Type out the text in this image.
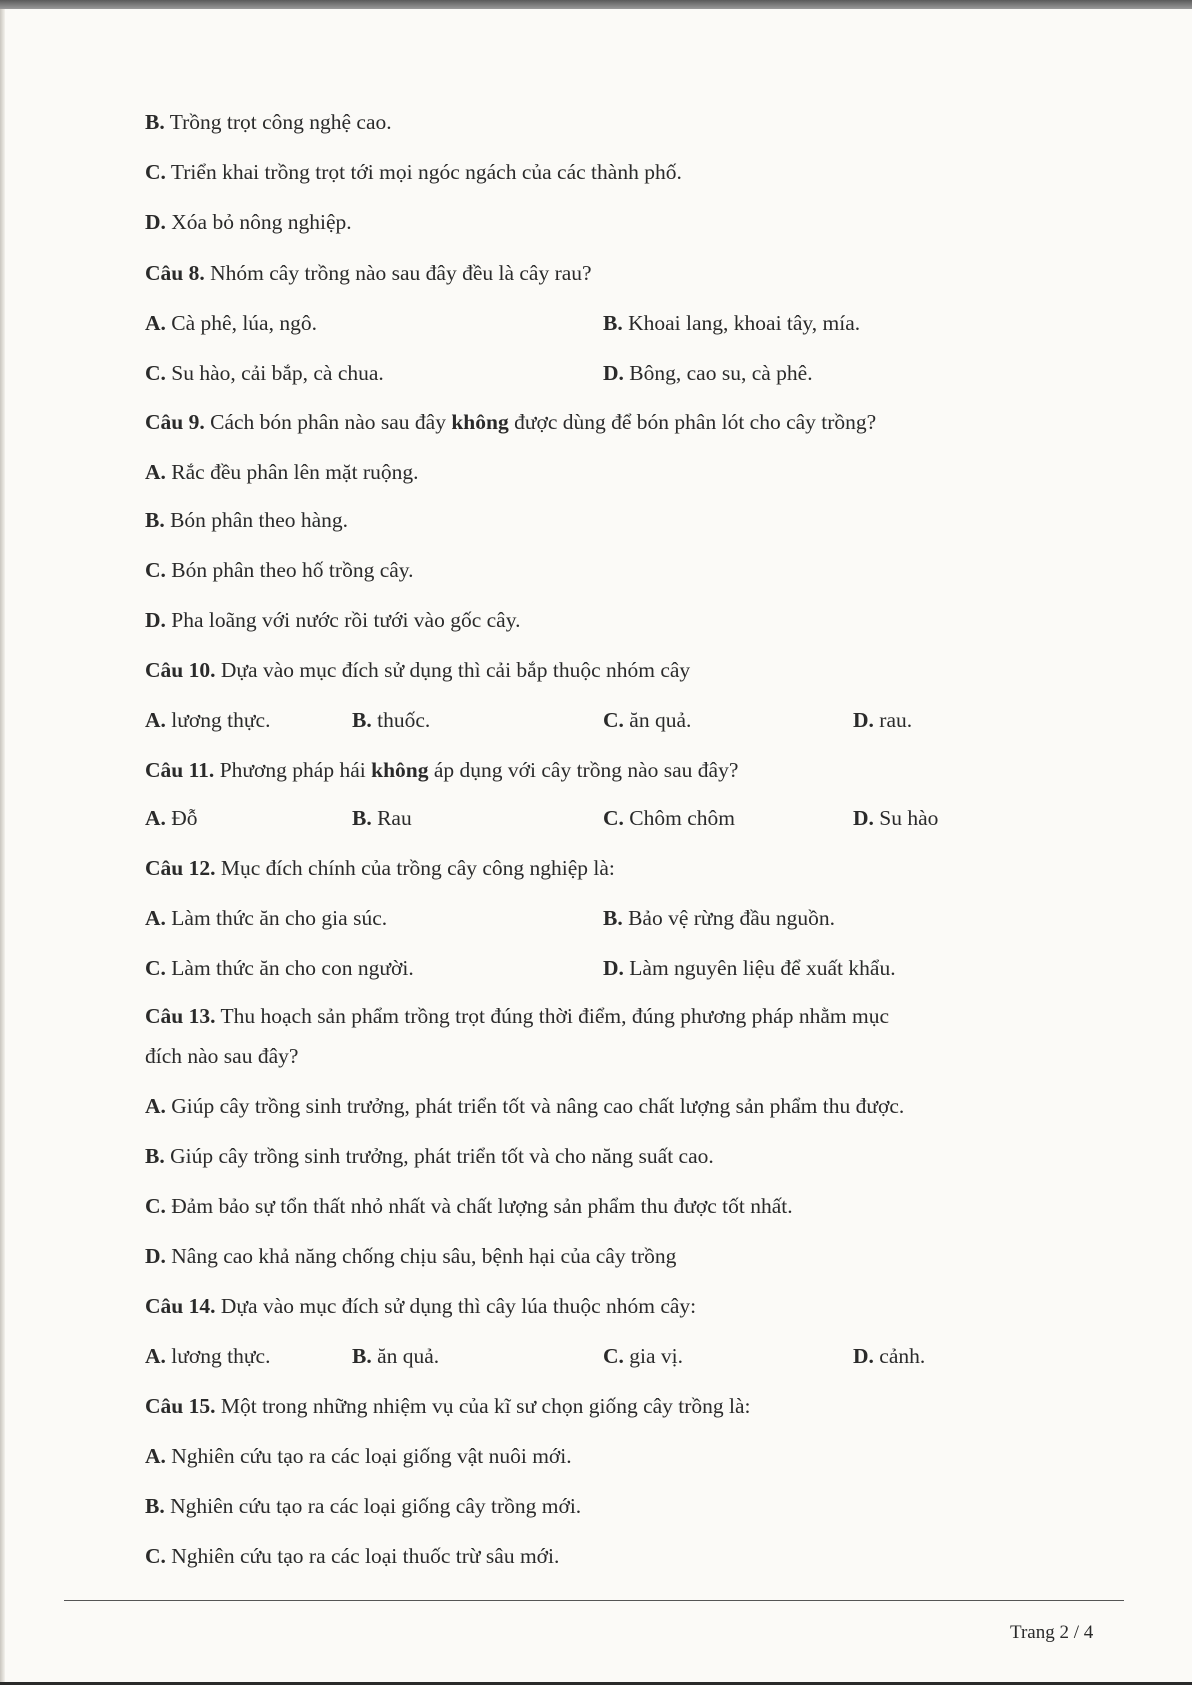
B. Trồng trọt công nghệ cao.
C. Triển khai trồng trọt tới mọi ngóc ngách của các thành phố.
D. Xóa bỏ nông nghiệp.
Câu 8. Nhóm cây trồng nào sau đây đều là cây rau?
B. Bón phân theo hàng.
C. Bón phân theo hố trồng cây.
D. Pha loãng với nước rồi tưới vào gốc cây.
Câu 10. Dựa vào mục đích sử dụng thì cải bắp thuộc nhóm cây
Câu 12. Mục đích chính của trồng cây công nghiệp là:
đích nào sau đây?
A. Giúp cây trồng sinh trưởng, phát triển tốt và nâng cao chất lượng sản phẩm thu được.
B. Giúp cây trồng sinh trưởng, phát triển tốt và cho năng suất cao.
C. Đảm bảo sự tổn thất nhỏ nhất và chất lượng sản phẩm thu được tốt nhất.
D. Nâng cao khả năng chống chịu sâu, bệnh hại của cây trồng
Câu 14. Dựa vào mục đích sử dụng thì cây lúa thuộc nhóm cây:
Câu 15. Một trong những nhiệm vụ của kĩ sư chọn giống cây trồng là:
A. Nghiên cứu tạo ra các loại giống vật nuôi mới.
B. Nghiên cứu tạo ra các loại giống cây trồng mới.
C. Nghiên cứu tạo ra các loại thuốc trừ sâu mới.
Câu 9. Cách bón phân nào sau đây không được dùng để bón phân lót cho cây trồng?
A. Rắc đều phân lên mặt ruộng.
Câu 11. Phương pháp hái không áp dụng với cây trồng nào sau đây?
Câu 13. Thu hoạch sản phẩm trồng trọt đúng thời điểm, đúng phương pháp nhằm mục
A. Cà phê, lúa, ngô.	B. Khoai lang, khoai tây, mía.
C. Su hào, cải bắp, cà chua.	D. Bông, cao su, cà phê.
A. lương thực.	B. thuốc.	C. ăn quả.	D. rau.
A. Đỗ	B. Rau	C. Chôm chôm	D. Su hào
A. Làm thức ăn cho gia súc.	B. Bảo vệ rừng đầu nguồn.
C. Làm thức ăn cho con người.	D. Làm nguyên liệu để xuất khẩu.
A. lương thực.	B. ăn quả.	C. gia vị.	D. cảnh.
Trang 2 / 4
